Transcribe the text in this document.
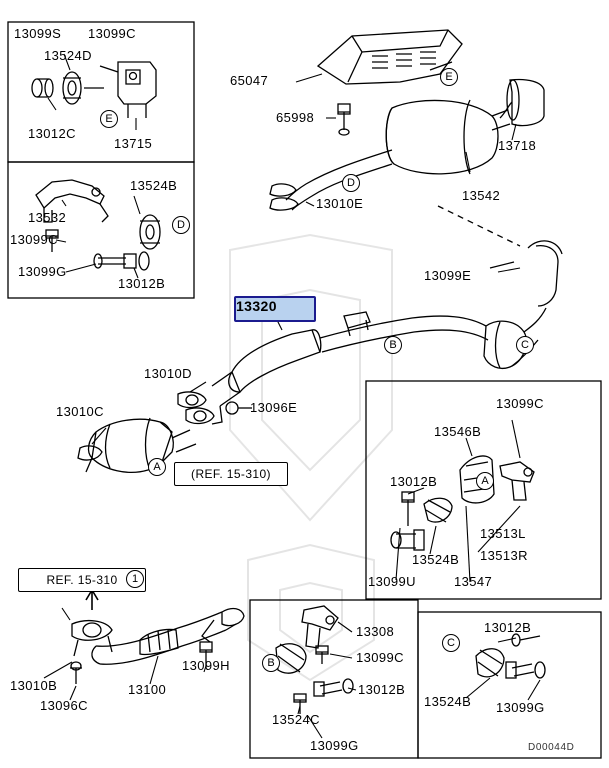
13320
13099S 13099C
13524D
13012C
13715
E
13524B
13532
13099C
13099G
13012B
D
65047
65998
13010E
13542
13718
13099E
13010D
13096E
13010C
(REF. 15-310)
A
B	C
D
E
13099C
13546B
13012B
13513L
13513R
13524B
13099U	13547
A
13308
13099C
13012B
13524C
13099G
B
13012B
13524B 13099G
C
REF. 15-310	1
13010B
13096C
13100
13099H
D00044D
